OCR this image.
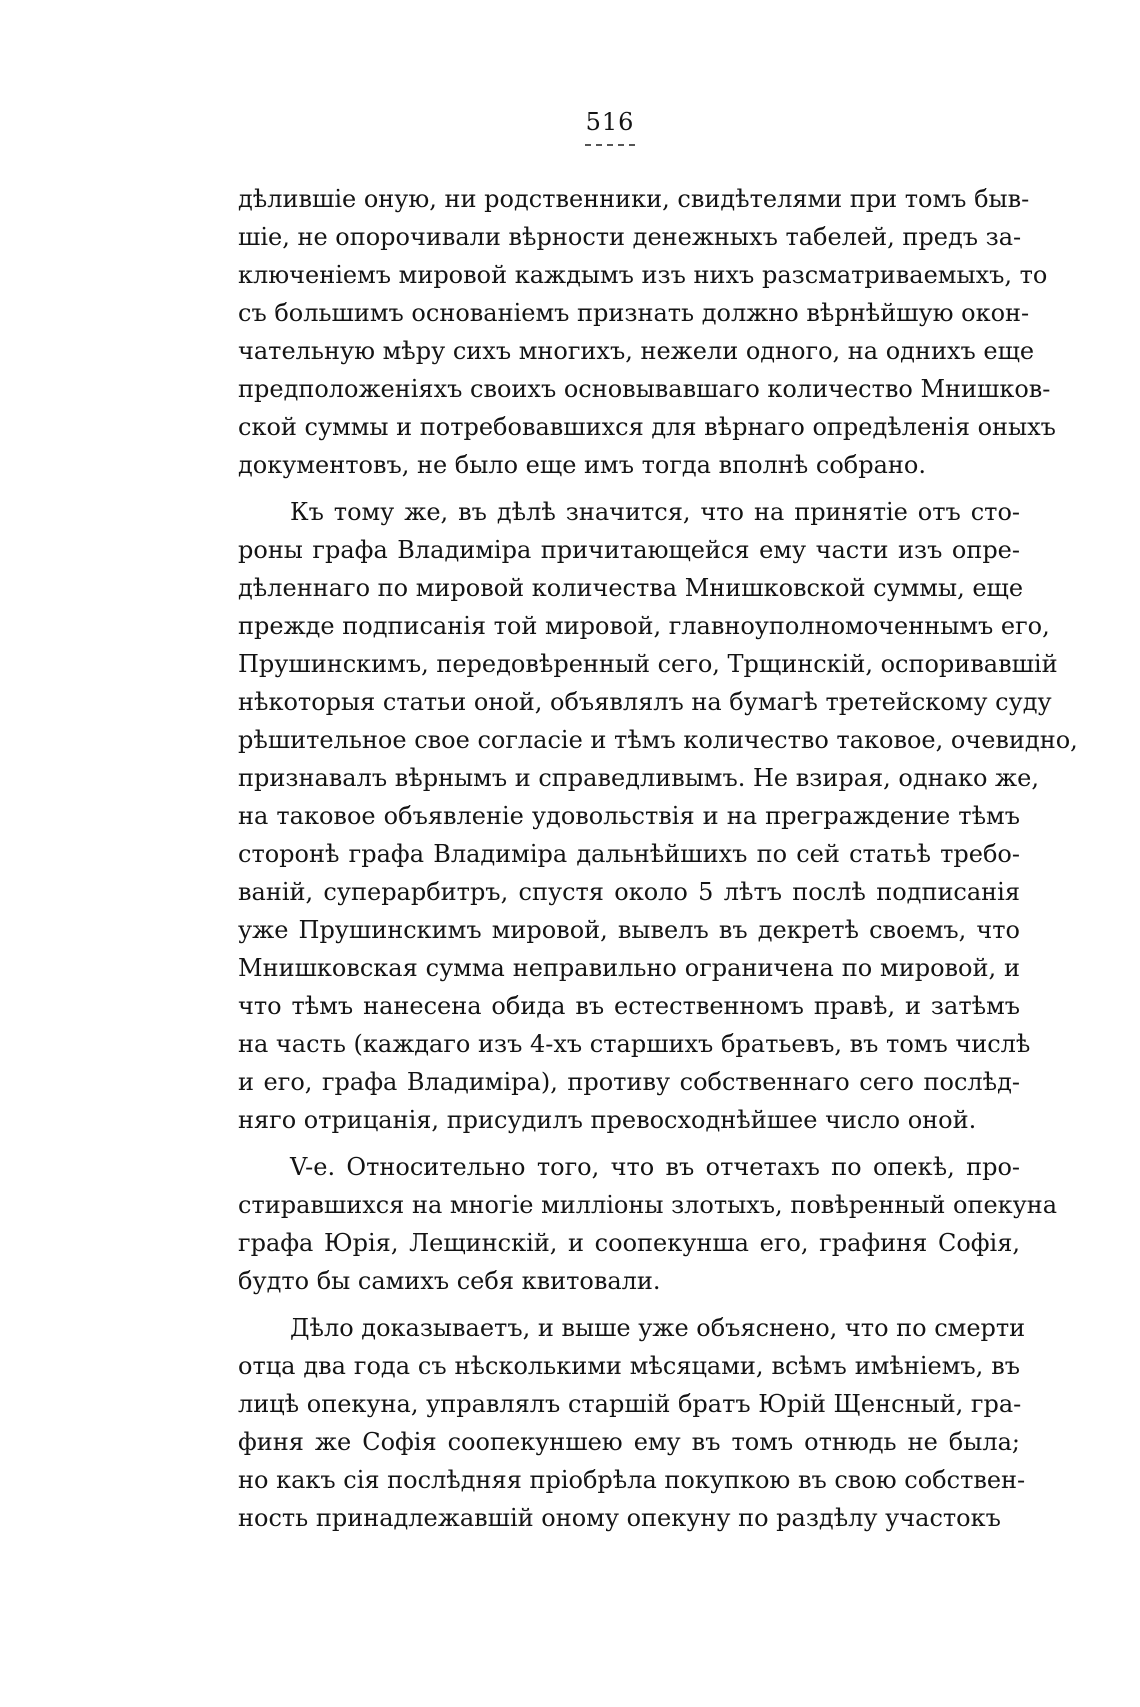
516
дѣлившіе оную, ни родственники, свидѣтелями при томъ быв-
шіе, не опорочивали вѣрности денежныхъ табелей, предъ за-
ключеніемъ мировой каждымъ изъ нихъ разсматриваемыхъ, то
съ большимъ основаніемъ признать должно вѣрнѣйшую окон-
чательную мѣру сихъ многихъ, нежели одного, на однихъ еще
предположеніяхъ своихъ основывавшаго количество Мнишков-
ской суммы и потребовавшихся для вѣрнаго опредѣленія оныхъ
документовъ, не было еще имъ тогда вполнѣ собрано.
Къ тому же, въ дѣлѣ значится, что на принятіе отъ сто-
роны графа Владиміра причитающейся ему части изъ опре-
дѣленнаго по мировой количества Мнишковской суммы, еще
прежде подписанія той мировой, главноуполномоченнымъ его,
Прушинскимъ, передовѣренный сего, Трщинскій, оспоривавшій
нѣкоторыя статьи оной, объявлялъ на бумагѣ третейскому суду
рѣшительное свое согласіе и тѣмъ количество таковое, очевидно,
признавалъ вѣрнымъ и справедливымъ. Не взирая, однако же,
на таковое объявленіе удовольствія и на преграждение тѣмъ
сторонѣ графа Владиміра дальнѣйшихъ по сей статьѣ требо-
ваній, суперарбитръ, спустя около 5 лѣтъ послѣ подписанія
уже Прушинскимъ мировой, вывелъ въ декретѣ своемъ, что
Мнишковская сумма неправильно ограничена по мировой, и
что тѣмъ нанесена обида въ естественномъ правѣ, и затѣмъ
на часть (каждаго изъ 4-хъ старшихъ братьевъ, въ томъ числѣ
и его, графа Владиміра), противу собственнаго сего послѣд-
няго отрицанія, присудилъ превосходнѣйшее число оной.
V-е. Относительно того, что въ отчетахъ по опекѣ, про-
стиравшихся на многіе милліоны злотыхъ, повѣренный опекуна
графа Юрія, Лещинскій, и соопекунша его, графиня Софія,
будто бы самихъ себя квитовали.
Дѣло доказываетъ, и выше уже объяснено, что по смерти
отца два года съ нѣсколькими мѣсяцами, всѣмъ имѣніемъ, въ
лицѣ опекуна, управлялъ старшій братъ Юрій Щенсный, гра-
финя же Софія соопекуншею ему въ томъ отнюдь не была;
но какъ сія послѣдняя пріобрѣла покупкою въ свою собствен-
ность принадлежавшій оному опекуну по раздѣлу участокъ
